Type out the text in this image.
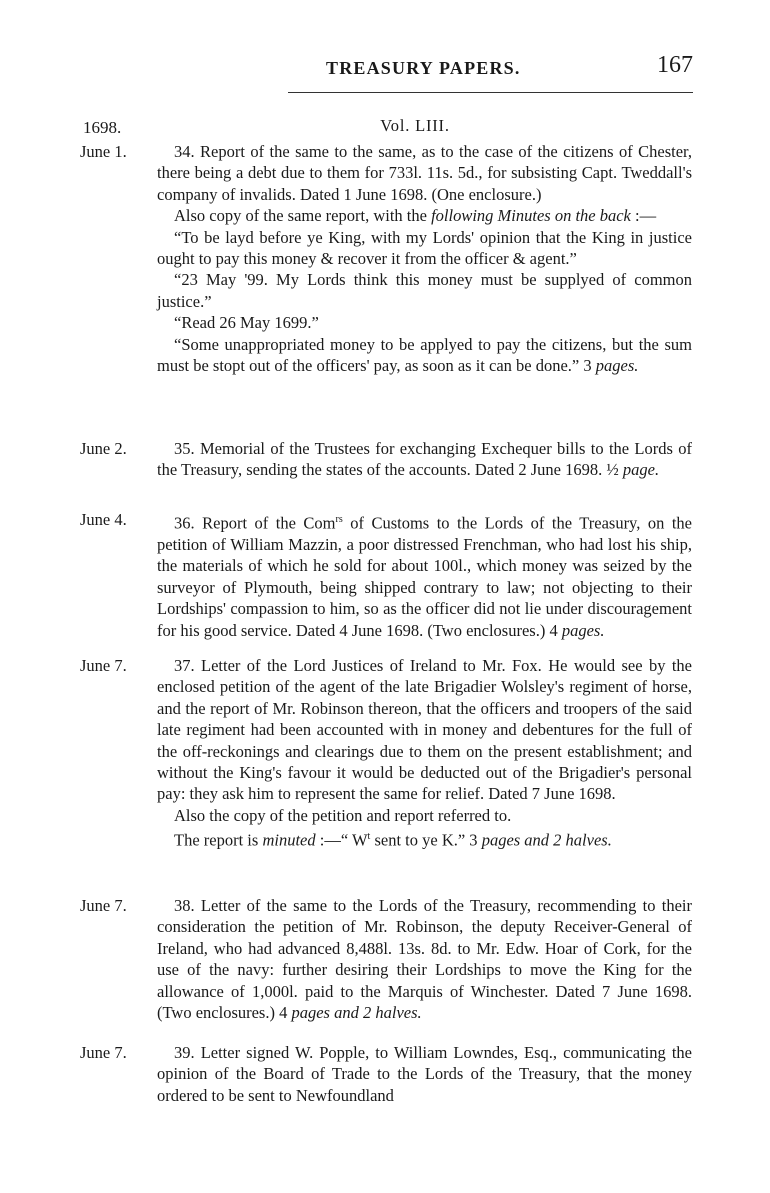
TREASURY PAPERS.	167
Vol. LIII.
1698.
June 1.	34. Report of the same to the same, as to the case of the citizens of Chester, there being a debt due to them for 733l. 11s. 5d., for subsisting Capt. Tweddall's company of invalids. Dated 1 June 1698. (One enclosure.)

Also copy of the same report, with the following Minutes on the back :—

“To be layd before ye King, with my Lords' opinion that the King in justice ought to pay this money & recover it from the officer & agent.”

“23 May '99. My Lords think this money must be supplyed of common justice.”

“Read 26 May 1699.”

“Some unappropriated money to be applyed to pay the citizens, but the sum must be stopt out of the officers' pay, as soon as it can be done.” 3 pages.

June 2.	35. Memorial of the Trustees for exchanging Exchequer bills to the Lords of the Treasury, sending the states of the accounts. Dated 2 June 1698. ½ page.

June 4.	36. Report of the Com$^{rs}$ of Customs to the Lords of the Treasury, on the petition of William Mazzin, a poor distressed Frenchman, who had lost his ship, the materials of which he sold for about 100l., which money was seized by the surveyor of Plymouth, being shipped contrary to law; not objecting to their Lordships' compassion to him, so as the officer did not lie under discouragement for his good service. Dated 4 June 1698. (Two enclosures.) 4 pages.

June 7.	37. Letter of the Lord Justices of Ireland to Mr. Fox. He would see by the enclosed petition of the agent of the late Brigadier Wolsley's regiment of horse, and the report of Mr. Robinson thereon, that the officers and troopers of the said late regiment had been accounted with in money and debentures for the full of the off-reckonings and clearings due to them on the present establishment; and without the King's favour it would be deducted out of the Brigadier's personal pay: they ask him to represent the same for relief. Dated 7 June 1698.

Also the copy of the petition and report referred to.

The report is minuted :—“ $W^t$ sent to ye K.” 3 pages and 2 halves.

June 7.	38. Letter of the same to the Lords of the Treasury, recommending to their consideration the petition of Mr. Robinson, the deputy Receiver-General of Ireland, who had advanced 8,488l. 13s. 8d. to Mr. Edw. Hoar of Cork, for the use of the navy: further desiring their Lordships to move the King for the allowance of 1,000l. paid to the Marquis of Winchester. Dated 7 June 1698. (Two enclosures.) 4 pages and 2 halves.

June 7.	39. Letter signed W. Popple, to William Lowndes, Esq., communicating the opinion of the Board of Trade to the Lords of the Treasury, that the money ordered to be sent to Newfoundland
